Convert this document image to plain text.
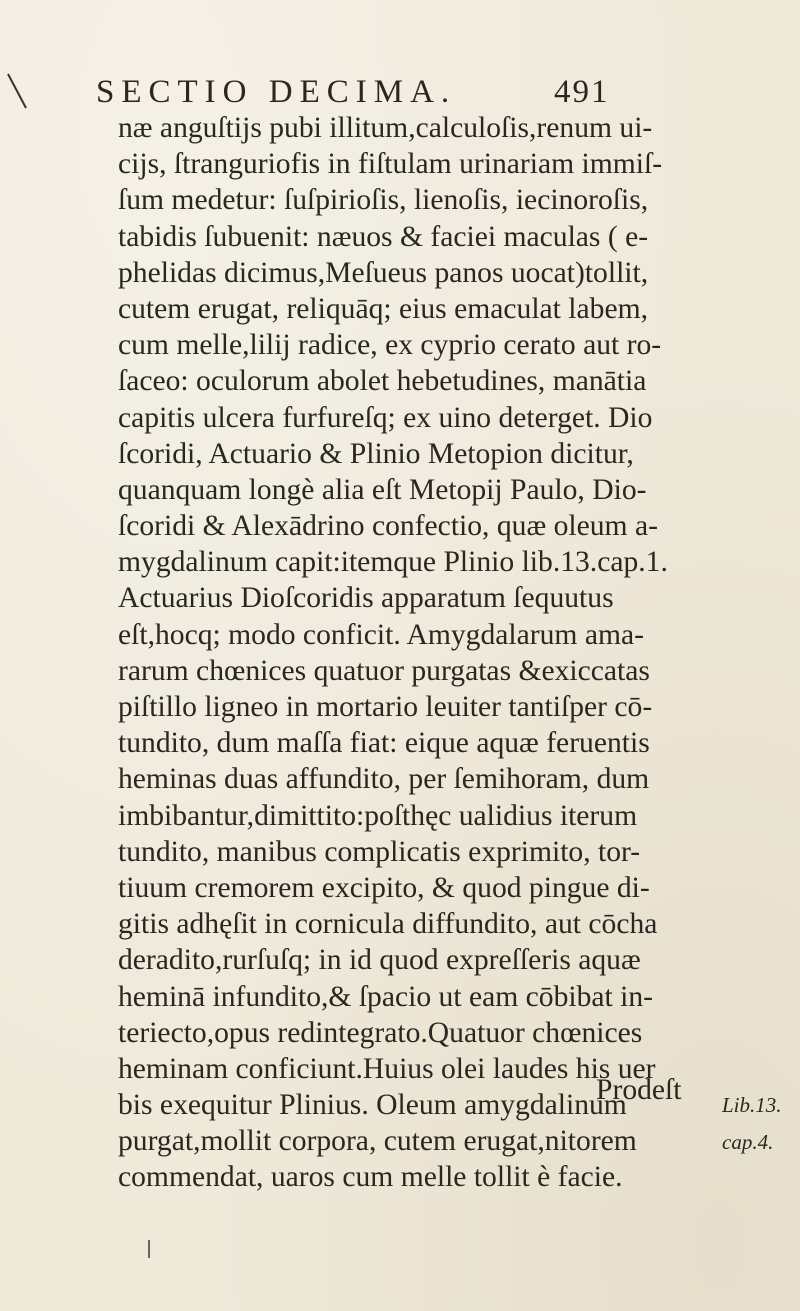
SECTIO DECIMA.	491
næ anguſtijs pubi illitum,calculoſis,renum ui-
cijs, ſtranguriofis in fiſtulam urinariam immiſ-
ſum medetur: ſuſpirioſis, lienoſis, iecinoroſis,
tabidis ſubuenit: næuos & faciei maculas ( e-
phelidas dicimus,Meſueus panos uocat)tollit,
cutem erugat, reliquāq; eius emaculat labem,
cum melle,lilij radice, ex cyprio cerato aut ro-
ſaceo: oculorum abolet hebetudines, manātia
capitis ulcera furfureſq; ex uino deterget. Dio
ſcoridi, Actuario & Plinio Metopion dicitur,
quanquam longè alia eſt Metopij Paulo, Dio-
ſcoridi & Alexādrino confectio, quæ oleum a-
mygdalinum capit:itemque Plinio lib.13.cap.1.
Actuarius Dioſcoridis apparatum ſequutus
eſt,hocq; modo conficit. Amygdalarum ama-
rarum chœnices quatuor purgatas &exiccatas
piſtillo ligneo in mortario leuiter tantiſper cō-
tundito, dum maſſa fiat: eique aquæ feruentis
heminas duas affundito, per ſemihoram, dum
imbibantur,dimittito:poſthęc ualidius iterum
tundito, manibus complicatis exprimito, tor-
tiuum cremorem excipito, & quod pingue di-
gitis adhęſit in cornicula diffundito, aut cōcha
deradito,rurſuſq; in id quod expreſſeris aquæ
heminā infundito,& ſpacio ut eam cōbibat in-
teriecto,opus redintegrato.Quatuor chœnices
heminam conficiunt.Huius olei laudes his uer
bis exequitur Plinius. Oleum amygdalinum
purgat,mollit corpora, cutem erugat,nitorem
commendat, uaros cum melle tollit è facie.
Prodeſt Lib.13.
cap.4.
